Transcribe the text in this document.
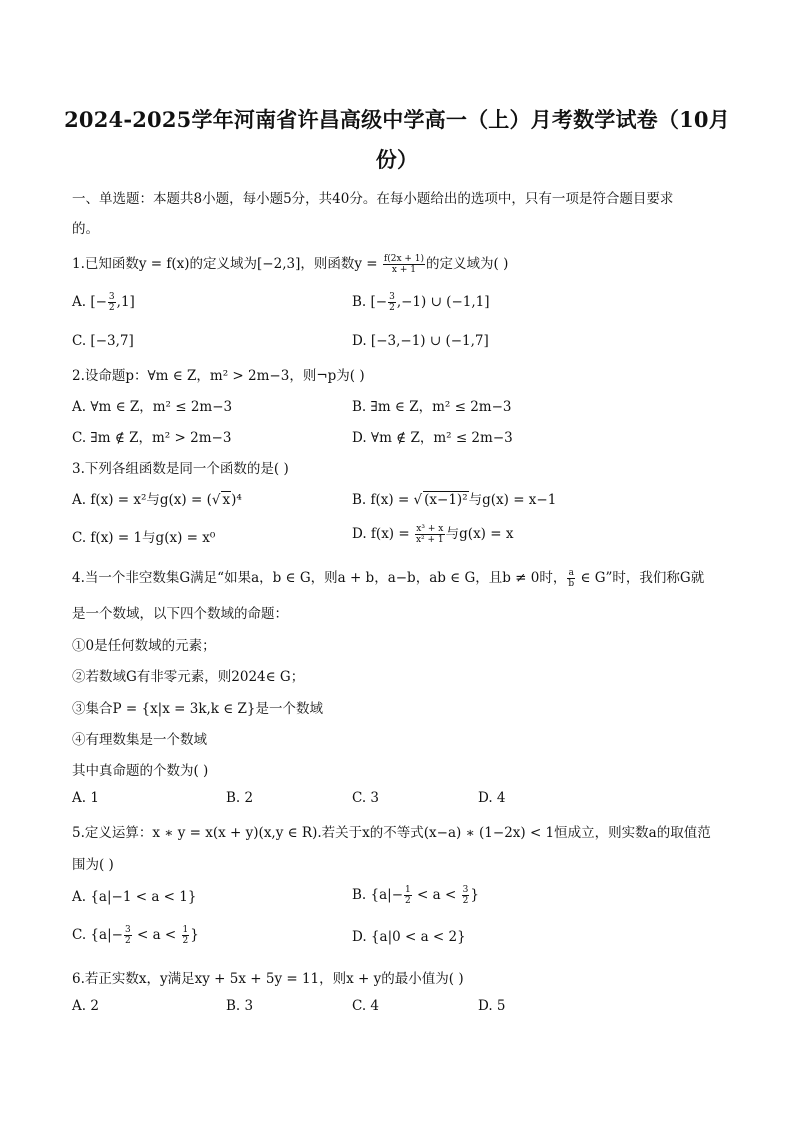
2024-2025学年河南省许昌高级中学高一（上）月考数学试卷（10月
份）
一、单选题：本题共8小题，每小题5分，共40分。在每小题给出的选项中，只有一项是符合题目要求
的。
1.已知函数y = f(x)的定义域为[−2,3]，则函数$y = \frac{f(2x + 1)}{x + 1}$ 的定义域为( )
A. [− $\frac{3}{2} ,1$]	B. [− $\frac{3}{2} ,-1$) ∪ (−1,1]
C. [−3,7]	D. [−3,−1) ∪ (−1,7]
2.设命题p：∀m ∈ Z，m² > 2m−3，则¬p为( )
A. ∀m ∈ Z，m² ≤ 2m−3	B. ∃m ∈ Z，m² ≤ 2m−3
C. ∃m ∉ Z，m² > 2m−3	D. ∀m ∉ Z，m² ≤ 2m−3
3.下列各组函数是同一个函数的是( )
A. f(x) = x²与g(x) = (√ x)⁴	B. f(x) = √ (x−1)²与g(x) = x−1
C. f(x) = 1与g(x) = x⁰	D. $f(x) = \frac{\text{x³ + x}}{\text{x² + 1}}$ 与g(x) = x
4.当一个非空数集G满足“如果a，b ∈ G，则a + b，a−b，ab ∈ G，且b ≠ 0时， $\frac{a}{b}$ ∈ G”时，我们称G就
是一个数域，以下四个数域的命题：
①0是任何数域的元素；
②若数域G有非零元素，则2024∈ G；
③集合P = {x|x = 3k,k ∈ Z}是一个数域
④有理数集是一个数域
其中真命题的个数为( )
A. 1	B. 2	C. 3	D. 4
5.定义运算：x ∗ y = x(x + y)(x,y ∈ R).若关于x的不等式(x−a) ∗ (1−2x) < 1恒成立，则实数a的取值范
围为( )
A. {a|−1 < a < 1}	B. {$a|- \frac{1}{2} < a < \frac{3}{2}$ }
C. {$a|- \frac{3}{2} < a < \frac{1}{2}$ }	D. {a|0 < a < 2}
6.若正实数x，y满足xy + 5x + 5y = 11，则x + y的最小值为( )
A. 2	B. 3	C. 4	D. 5
